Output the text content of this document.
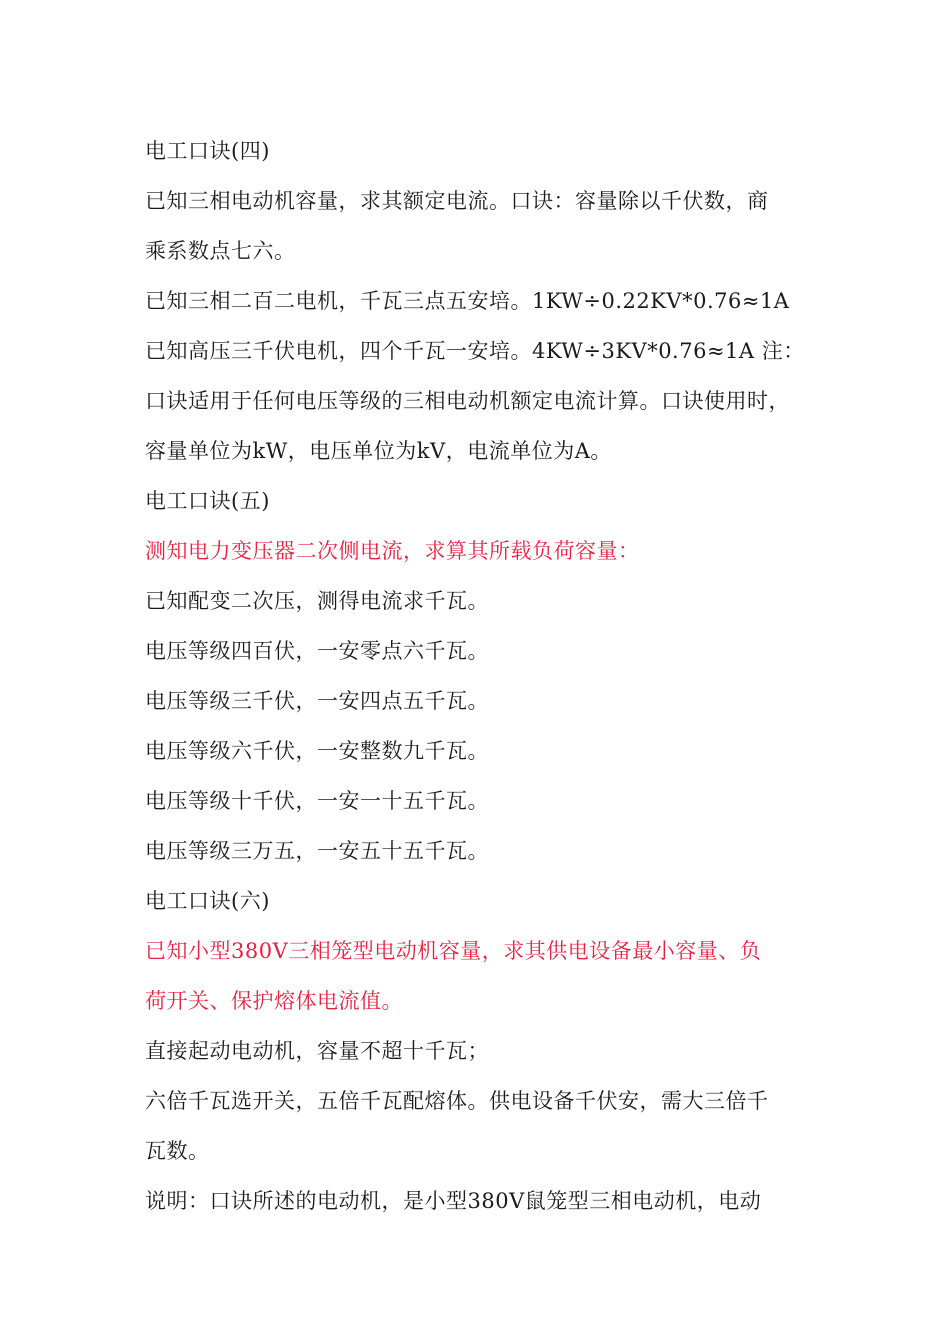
电工口诀(四)
已知三相电动机容量，求其额定电流。口诀：容量除以千伏数，商
乘系数点七六。
已知三相二百二电机，千瓦三点五安培。1KW÷0.22KV*0.76≈1A
已知高压三千伏电机，四个千瓦一安培。4KW÷3KV*0.76≈1A 注：
口诀适用于任何电压等级的三相电动机额定电流计算。口诀使用时，
容量单位为kW，电压单位为kV，电流单位为A。
电工口诀(五)
测知电力变压器二次侧电流，求算其所载负荷容量：
已知配变二次压，测得电流求千瓦。
电压等级四百伏，一安零点六千瓦。
电压等级三千伏，一安四点五千瓦。
电压等级六千伏，一安整数九千瓦。
电压等级十千伏，一安一十五千瓦。
电压等级三万五，一安五十五千瓦。
电工口诀(六)
已知小型380V三相笼型电动机容量，求其供电设备最小容量、负
荷开关、保护熔体电流值。
直接起动电动机，容量不超十千瓦；
六倍千瓦选开关，五倍千瓦配熔体。供电设备千伏安，需大三倍千
瓦数。
说明：口诀所述的电动机，是小型380V鼠笼型三相电动机，电动
